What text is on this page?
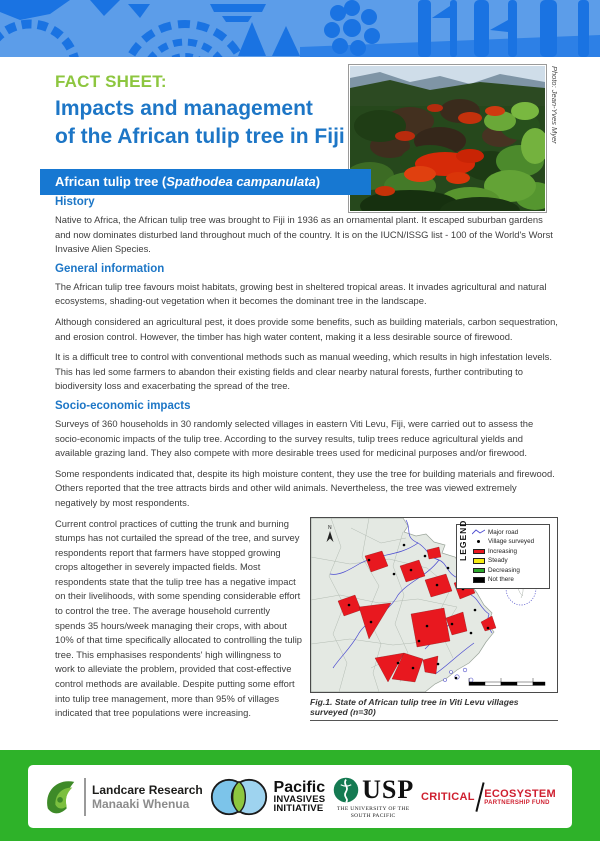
FACT SHEET:
Impacts and management
of the African tulip tree in Fiji	Photo: Jean-Yves Myer
African tulip tree (Spathodea campanulata)
History

Native to Africa, the African tulip tree was brought to Fiji in 1936 as an ornamental plant. It escaped suburban gardens and now dominates disturbed land throughout much of the country. It is on the IUCN/ISSG list - 100 of the World's Worst Invasive Alien Species.

General information

The African tulip tree favours moist habitats, growing best in sheltered tropical areas. It invades agricultural and natural ecosystems, shading-out vegetation when it becomes the dominant tree in the landscape.

Although considered an agricultural pest, it does provide some benefits, such as building materials, carbon sequestration, and erosion control. However, the timber has high water content, making it a less desirable source of firewood.

It is a difficult tree to control with conventional methods such as manual weeding, which results in high infestation levels. This has led some farmers to abandon their existing fields and clear nearby natural forests, further contributing to biodiversity loss and exacerbating the spread of the tree.

Socio-economic impacts

Surveys of 360 households in 30 randomly selected villages in eastern Viti Levu, Fiji, were carried out to assess the socio-economic impacts of the tulip tree. According to the survey results, tulip trees reduce agricultural yields and available grazing land. They also compete with more desirable trees used for medicinal purposes and/or firewood.

Some respondents indicated that, despite its high moisture content, they use the tree for building materials and firewood. Others reported that the tree attracts birds and other wild animals. Nevertheless, the tree was viewed extremely negatively by most respondents.

Current control practices of cutting the trunk and burning stumps has not curtailed the spread of the tree, and survey respondents report that farmers have stopped growing crops altogether in severely impacted fields. Most respondents state that the tulip tree has a negative impact on their livelihoods, with some spending considerable effort to control the tree. The average household currently spends 35 hours/week managing their crops, with about 10% of that time specifically allocated to controlling the tulip tree. This emphasises respondents' high willingness to work to alleviate the problem, provided that cost-effective control methods are available. Despite putting some effort into tulip tree management, more than 95% of villages indicated that tree populations were increasing.

N	LEGEND	Major road
Village surveyed
Increasing
Steady
Decreasing
Not there
Fig.1. State of African tulip tree in Viti Levu villages surveyed (n=30)
Landcare Research
Manaaki Whenua
Pacific
INVASIVES
INITIATIVE
USP
THE UNIVERSITY OF THE
SOUTH PACIFIC
CRITICAL ECOSYSTEM
PARTNERSHIP FUND
